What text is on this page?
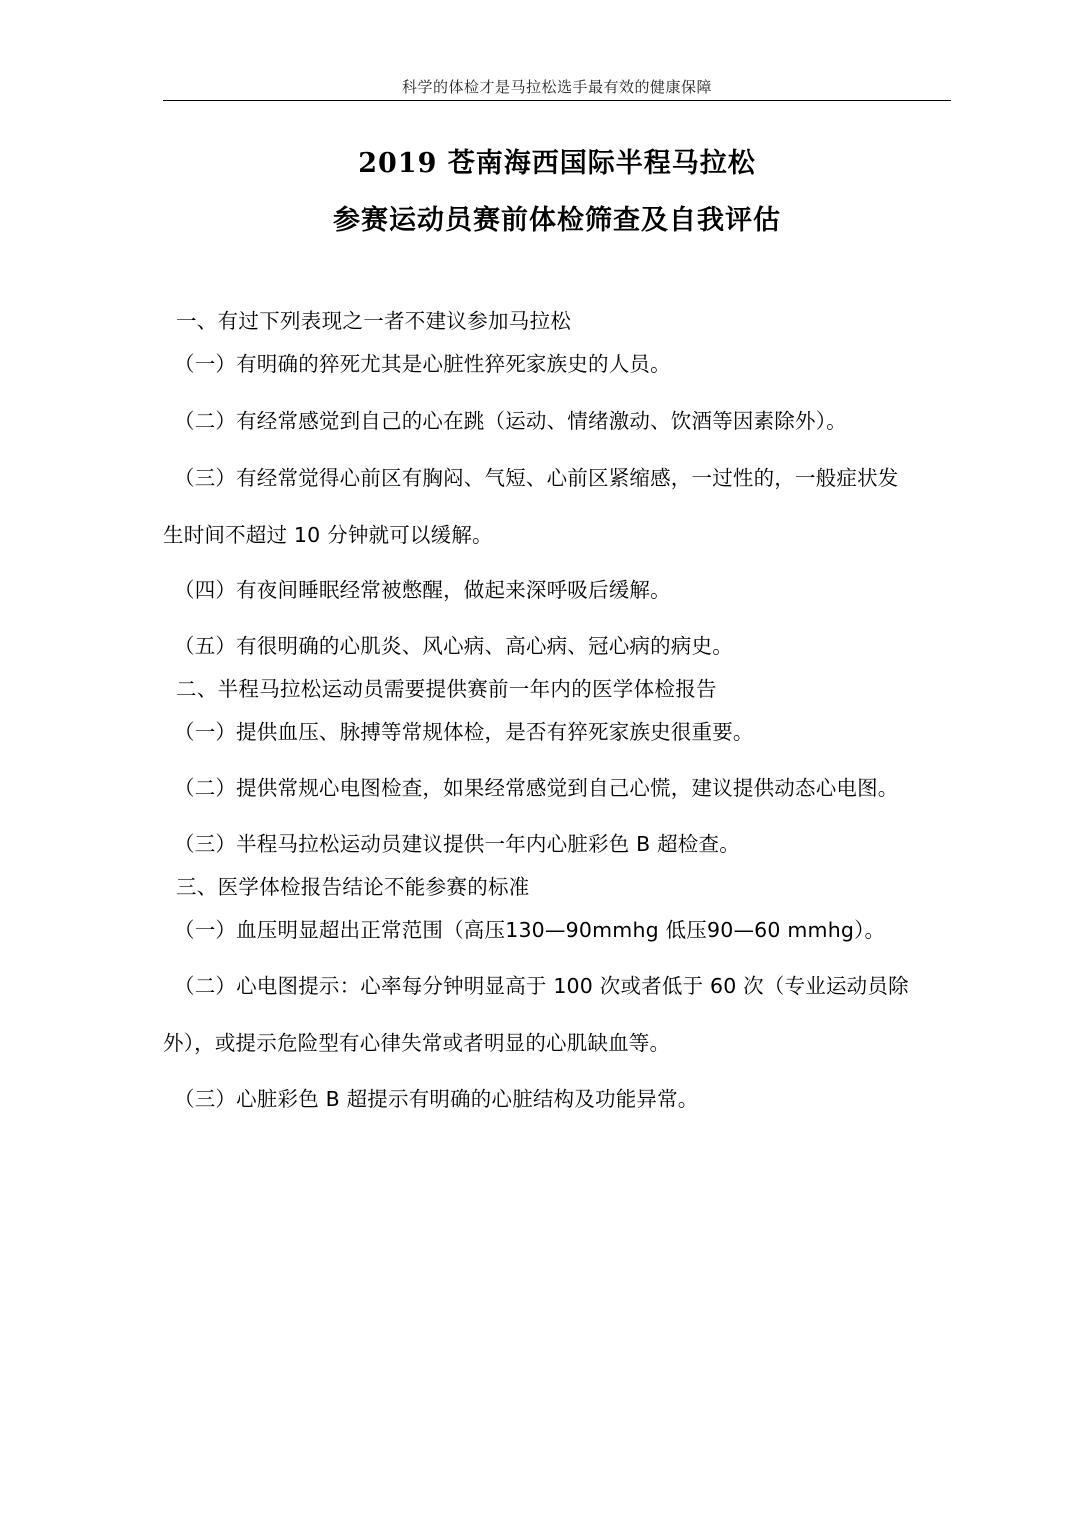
科学的体检才是马拉松选手最有效的健康保障
2019 苍南海西国际半程马拉松
参赛运动员赛前体检筛查及自我评估
一、有过下列表现之一者不建议参加马拉松
（一）有明确的猝死尤其是心脏性猝死家族史的人员。
（二）有经常感觉到自己的心在跳（运动、情绪激动、饮酒等因素除外）。
（三）有经常觉得心前区有胸闷、气短、心前区紧缩感，一过性的，一般症状发
生时间不超过 10 分钟就可以缓解。
（四）有夜间睡眠经常被憋醒，做起来深呼吸后缓解。
（五）有很明确的心肌炎、风心病、高心病、冠心病的病史。
二、半程马拉松运动员需要提供赛前一年内的医学体检报告
（一）提供血压、脉搏等常规体检，是否有猝死家族史很重要。
（二）提供常规心电图检查，如果经常感觉到自己心慌，建议提供动态心电图。
（三）半程马拉松运动员建议提供一年内心脏彩色 B 超检查。
三、医学体检报告结论不能参赛的标准
（一）血压明显超出正常范围（高压130—90mmhg 低压90—60 mmhg）。
（二）心电图提示：心率每分钟明显高于 100 次或者低于 60 次（专业运动员除
外），或提示危险型有心律失常或者明显的心肌缺血等。
（三）心脏彩色 B 超提示有明确的心脏结构及功能异常。
